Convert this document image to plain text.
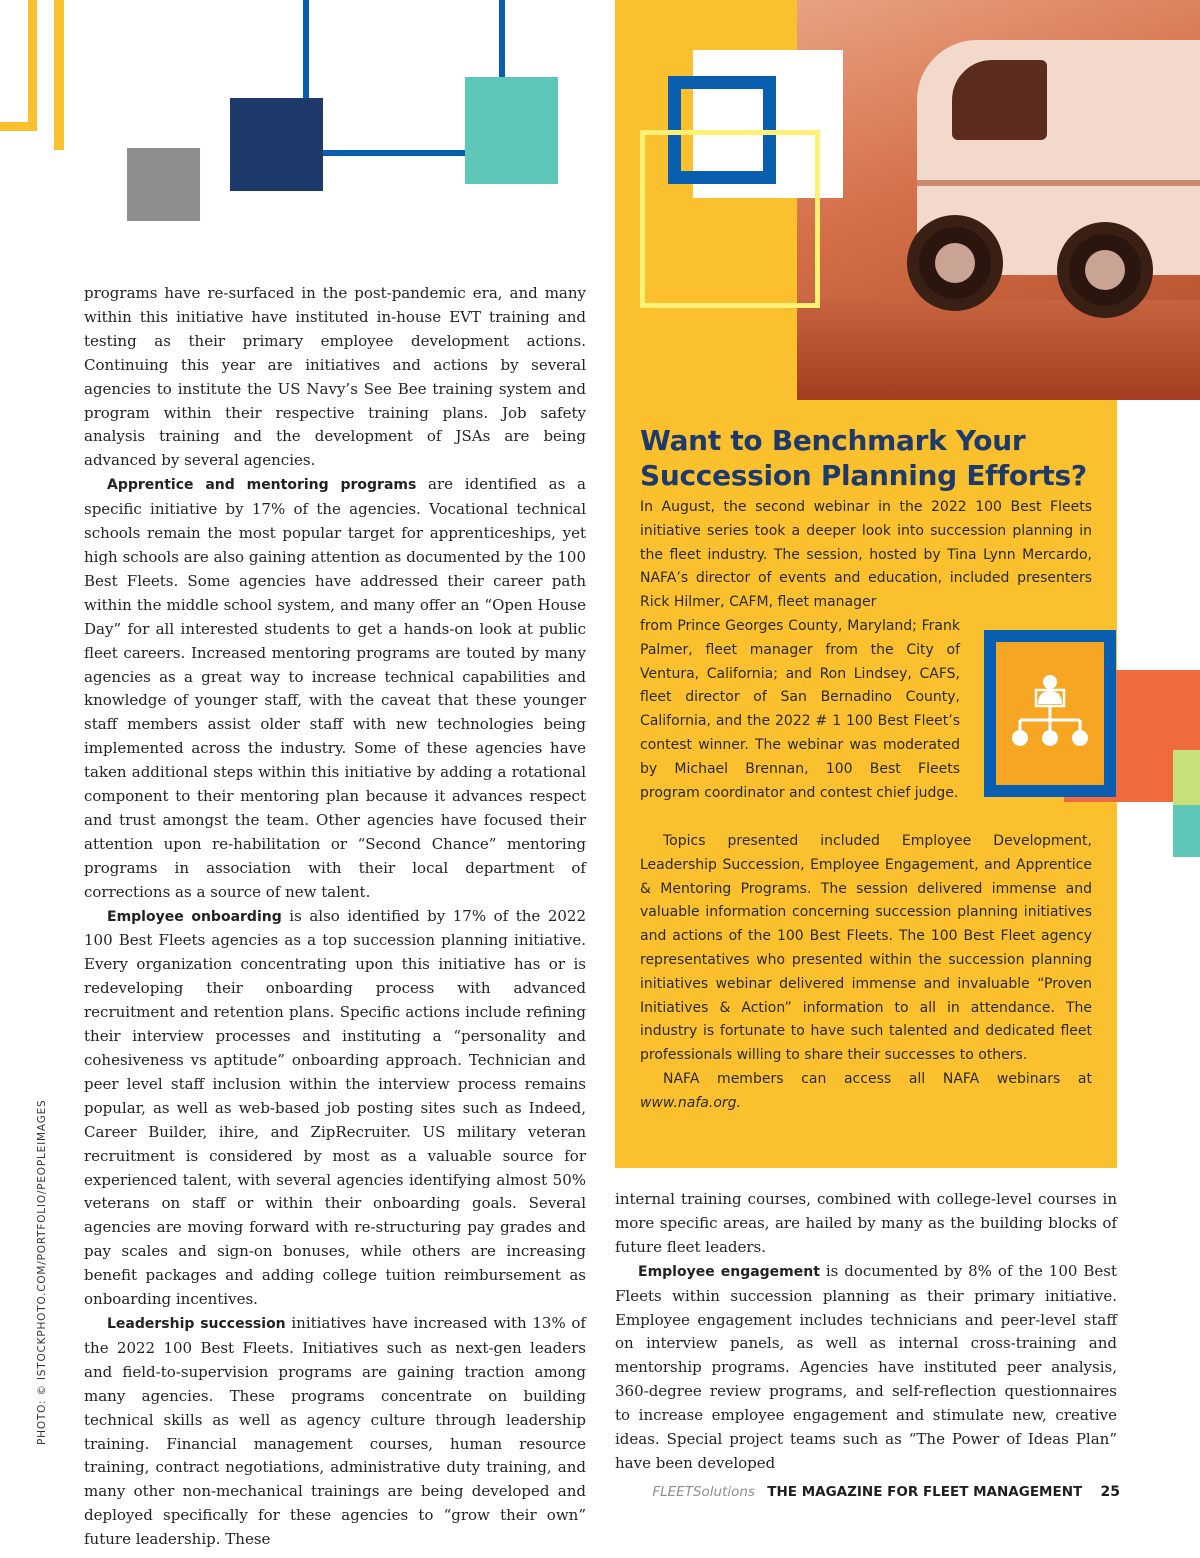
programs have re-surfaced in the post-pandemic era, and many within this initiative have instituted in-house EVT training and testing as their primary employee development actions. Continuing this year are initiatives and actions by several agencies to institute the US Navy’s See Bee training system and program within their respective training plans. Job safety analysis training and the development of JSAs are being advanced by several agencies.

Apprentice and mentoring programs are identified as a specific initiative by 17% of the agencies. Vocational technical schools remain the most popular target for apprenticeships, yet high schools are also gaining attention as documented by the 100 Best Fleets. Some agencies have addressed their career path within the middle school system, and many offer an “Open House Day” for all interested students to get a hands-on look at public fleet careers. Increased mentoring programs are touted by many agencies as a great way to increase technical capabilities and knowledge of younger staff, with the caveat that these younger staff members assist older staff with new technologies being implemented across the industry. Some of these agencies have taken additional steps within this initiative by adding a rotational component to their mentoring plan because it advances respect and trust amongst the team. Other agencies have focused their attention upon re-habilitation or “Second Chance” mentoring programs in association with their local department of corrections as a source of new talent.

Employee onboarding is also identified by 17% of the 2022 100 Best Fleets agencies as a top succession planning initiative. Every organization concentrating upon this initiative has or is redeveloping their onboarding process with advanced recruitment and retention plans. Specific actions include refining their interview processes and instituting a “personality and cohesiveness vs aptitude” onboarding approach. Technician and peer level staff inclusion within the interview process remains popular, as well as web-based job posting sites such as Indeed, Career Builder, ihire, and ZipRecruiter. US military veteran recruitment is considered by most as a valuable source for experienced talent, with several agencies identifying almost 50% veterans on staff or within their onboarding goals. Several agencies are moving forward with re-structuring pay grades and pay scales and sign-on bonuses, while others are increasing benefit packages and adding college tuition reimbursement as onboarding incentives.

Leadership succession initiatives have increased with 13% of the 2022 100 Best Fleets. Initiatives such as next-gen leaders and field-to-supervision programs are gaining traction among many agencies. These programs concentrate on building technical skills as well as agency culture through leadership training. Financial management courses, human resource training, contract negotiations, administrative duty training, and many other non-mechanical trainings are being developed and deployed specifically for these agencies to “grow their own” future leadership. These

Want to Benchmark Your Succession Planning Efforts?

In August, the second webinar in the 2022 100 Best Fleets initiative series took a deeper look into succession planning in the fleet industry. The session, hosted by Tina Lynn Mercardo, NAFA’s director of events and education, included presenters Rick Hilmer, CAFM, fleet manager

from Prince Georges County, Maryland; Frank Palmer, fleet manager from the City of Ventura, California; and Ron Lindsey, CAFS, fleet director of San Bernadino County, California, and the 2022 # 1 100 Best Fleet’s contest winner. The webinar was moderated by Michael Brennan, 100 Best Fleets program coordinator and contest chief judge.

Topics presented included Employee Development, Leadership Succession, Employee Engagement, and Apprentice & Mentoring Programs. The session delivered immense and valuable information concerning succession planning initiatives and actions of the 100 Best Fleets. The 100 Best Fleet agency representatives who presented within the succession planning initiatives webinar delivered immense and invaluable “Proven Initiatives & Action” information to all in attendance. The industry is fortunate to have such talented and dedicated fleet professionals willing to share their successes to others.

NAFA members can access all NAFA webinars at www.nafa.org.

internal training courses, combined with college-level courses in more specific areas, are hailed by many as the building blocks of future fleet leaders.

Employee engagement is documented by 8% of the 100 Best Fleets within succession planning as their primary initiative. Employee engagement includes technicians and peer-level staff on interview panels, as well as internal cross-training and mentorship programs. Agencies have instituted peer analysis, 360-degree review programs, and self-reflection questionnaires to increase employee engagement and stimulate new, creative ideas. Special project teams such as “The Power of Ideas Plan” have been developed

PHOTO: © ISTOCKPHOTO.COM/PORTFOLIO/PEOPLEIMAGES
FLEETSolutions THE MAGAZINE FOR FLEET MANAGEMENT 25
